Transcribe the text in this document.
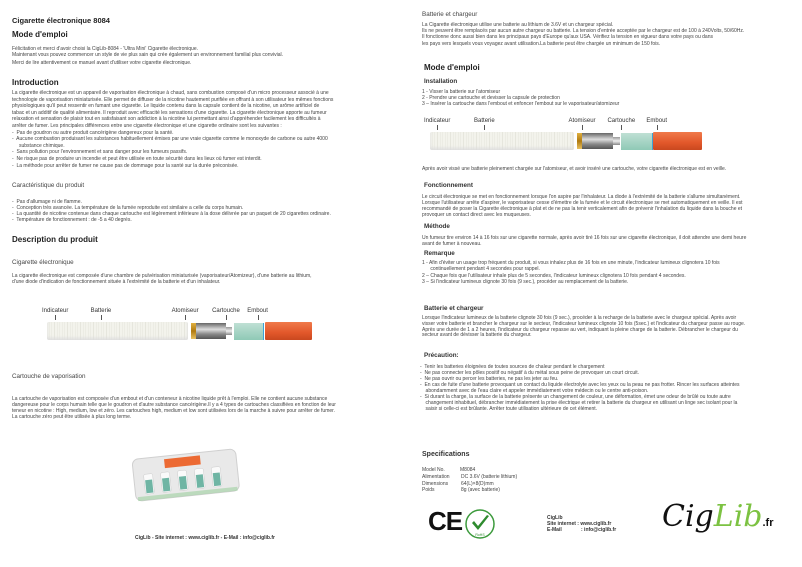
Cigarette électronique 8084
Mode d'emploi
Félicitation et merci d'avoir choisi la CigLib-8084 - 'Ultra Mini' Cigarette électronique.
Maintenant vous pouvez commencer un style de vie plus sain qui crée également un environnement familial plus convivial.
Merci de lire attentivement ce manuel avant d'utiliser votre cigarette électronique.
Introduction
La cigarette électronique est un appareil de vaporisation électronique à chaud, sans combustion composé d'un micro processeur associé à une
technologie de vaporisation miniaturisée. Elle permet de diffuser de la nicotine hautement purifiée en offrant à son utilisateur les mêmes fonctions
physiologiques qu'il peut ressentir en fumant une cigarette. Le liquide contenu dans la capsule contient de la nicotine, un arôme artificiel de
tabac et un additif de qualité alimentaire. Il reproduit avec efficacité les sensations d'une cigarette. La cigarette électronique apporte au fumeur
relaxation et sensation de plaisir tout en satisfaisant son addiction à la nicotine lui permettant ainsi d'appréhender facilement les difficultés à
arrêter de fumer. Les principales différences entre une cigarette électronique et une cigarette ordinaire sont les suivantes :
-  Pas de goudron ou autre produit cancérigène dangereux pour la santé.
-  Aucune combustion produisant les substances habituellement émises par une vraie cigarette comme le monoxyde de carbone ou autre 4000
substance chimique.
-  Sans pollution pour l'environnement et sans danger pour les fumeurs passifs.
-  Ne risque pas de produire un incendie et peut être utilisée en toute sécurité dans les lieux où fumer est interdit.
-  La méthode pour arrêter de fumer ne cause pas de dommage pour la santé sur la durée préconisée.
Caractéristique du produit
-  Pas d'allumage ni de flamme.
-  Conception très avancée. La température de la fumée reproduite est similaire a celle du corps humain.
-  La quantité de nicotine contenue dans chaque cartouche est légèrement inférieure à la dose délivrée par un paquet de 20 cigarettes ordinaire.
-  Température de fonctionnement : de -5 a 40 degrés.
Description du produit
Cigarette électronique
La cigarette électronique est composée d'une chambre de pulvérisation miniaturisée (vaporisateur/Atomizeur), d'une batterie au lithium,
d'une diode d'indication de fonctionnement située à l'extrémité de la batterie et d'un inhalateur.
Indicateur	Batterie	Atomiseur Cartouche Embout
Cartouche de vaporisation
La cartouche de vaporisation est composée d'un embout et d'un conteneur à nicotine liquide prêt à l'emploi. Elle ne contient aucune substance
dangereuse pour le corps humain telle que le goudron et d'autre substance cancérigène.Il y a 4 types de cartouches classifiées en fonction de leur
teneur en nicotine : High, medium, low et zéro. Les cartouches high, medium et low sont utilisées lors de la marche à suivre pour arrêter de fumer.
La cartouche zéro peut être utilisée à plus long terme.
CigLib - Site internet : www.ciglib.fr - E-Mail : info@ciglib.fr
Batterie et chargeur
La Cigarette électronique utilise une batterie au lithium de 3.6V et un chargeur spécial.
Ils ne peuvent être remplacés par aucun autre chargeur ou batterie. La tension d'entrée acceptée par le chargeur est de 100 à 240Volts, 50/60Hz.
Il fonctionne donc aussi bien dans les principaux pays d'Europe qu'aux USA. Vérifiez la tension en vigueur dans votre pays ou dans
les pays vers lesquels vous voyagez avant utilisation.La batterie peut être chargée un minimum de 150 fois.
Mode d'emploi
Installation
1 - Visser la batterie sur l'atomiseur
2 - Prendre une cartouche et devisser la capsule de protection
3 – Insérer la cartouche dans l'embout et enfoncer l'embout sur le vaporisateur/atomizeur
Indicateur	Batterie	Atomiseur Cartouche Embout
Après avoir vissé une batterie pleinement chargée sur l'atomiseur, et avoir inséré une cartouche, votre cigarette électronique est en veille.
Fonctionnement
Le circuit électronique se met en fonctionnement lorsque l'on aspire par l'inhalateur. La diode à l'extrémité de la batterie s'allume simultanément.
Lorsque l'utilisateur arrête d'aspirer, le vaporisateur cesse d'émettre de la fumée et le circuit électronique se met automatiquement en veille. Il est
recommandé de poser la Cigarette électronique à plat et de ne pas la tenir verticalement afin de prévenir l'inhalation du liquide dans la bouche et
provoquer un contact direct avec les muqueuses.
Méthode
Un fumeur tire environ 14 à 16 fois sur une cigarette normale, après avoir tiré 16 fois sur une cigarette électronique, il doit attendre une demi heure
avant de fumer à nouveau.
Remarque
1 - Afin d'éviter un usage trop fréquent du produit, si vous inhalez plus de 16 fois en une minute, l'indicateur lumineux clignotera 10 fois
continuellement pendant 4 secondes pour rappel.
2 – Chaque fois que l'utilisateur inhale plus de 5 secondes, l'indicateur lumineux clignotera 10 fois pendant 4 secondes.
3 – Si l'indicateur lumineux clignote 30 fois (9 sec.), procéder au remplacement de la batterie.
Batterie et chargeur
Lorsque l'indicateur lumineux de la batterie clignote 30 fois (9 sec.), procéder à la recharge de la batterie avec le chargeur spécial. Après avoir
visser votre batterie et brancher le chargeur sur le secteur, l'indicateur lumineux clignote 10 fois (5sec.) et l'indicateur du chargeur passe au rouge.
Après une durée de 1 a 2 heures, l'indicateur du chargeur repasse au vert, indiquant la pleine charge de la batterie. Débrancher le chargeur du
secteur avant de dévisser la batterie du chargeur.
Précaution:
-  Tenir les batteries éloignées de toutes sources de chaleur pendant le chargement
-  Ne pas connecter les pôles positif ou négatif à du métal sous peine de provoquer un court circuit.
-  Ne pas ouvrir ou percer les batteries, ne pas les jeter au feu.
-  En cas de fuite d'une batterie provoquant un contact du liquide électrolyte avec les yeux ou la peau ne pas frotter. Rincer les surfaces atteintes
abondamment avec de l'eau claire et appeler immédiatement votre médecin ou le centre anti-poison.
-  Si durant la charge, la surface de la batterie présente un changement de couleur, une déformation, émet une odeur de brûlé ou toute autre
changement inhabituel, débrancher immédiatement la prise électrique et retirer la batterie du chargeur en utilisant un linge sec isolant pour la
saisir si celle-ci est brûlante. Arrêter toute utilisation ultérieure de cet élément.
Specifications
Model No.	M8084
Alimentation DC 3.6V (batterie lithium)
Dimensions	64(L)×8(D)mm
Poids	8g (avec batterie)
CE	RoHS
CigLib
Site internet : www.ciglib.fr
E-Mail	: info@ciglib.fr CigLib.fr
